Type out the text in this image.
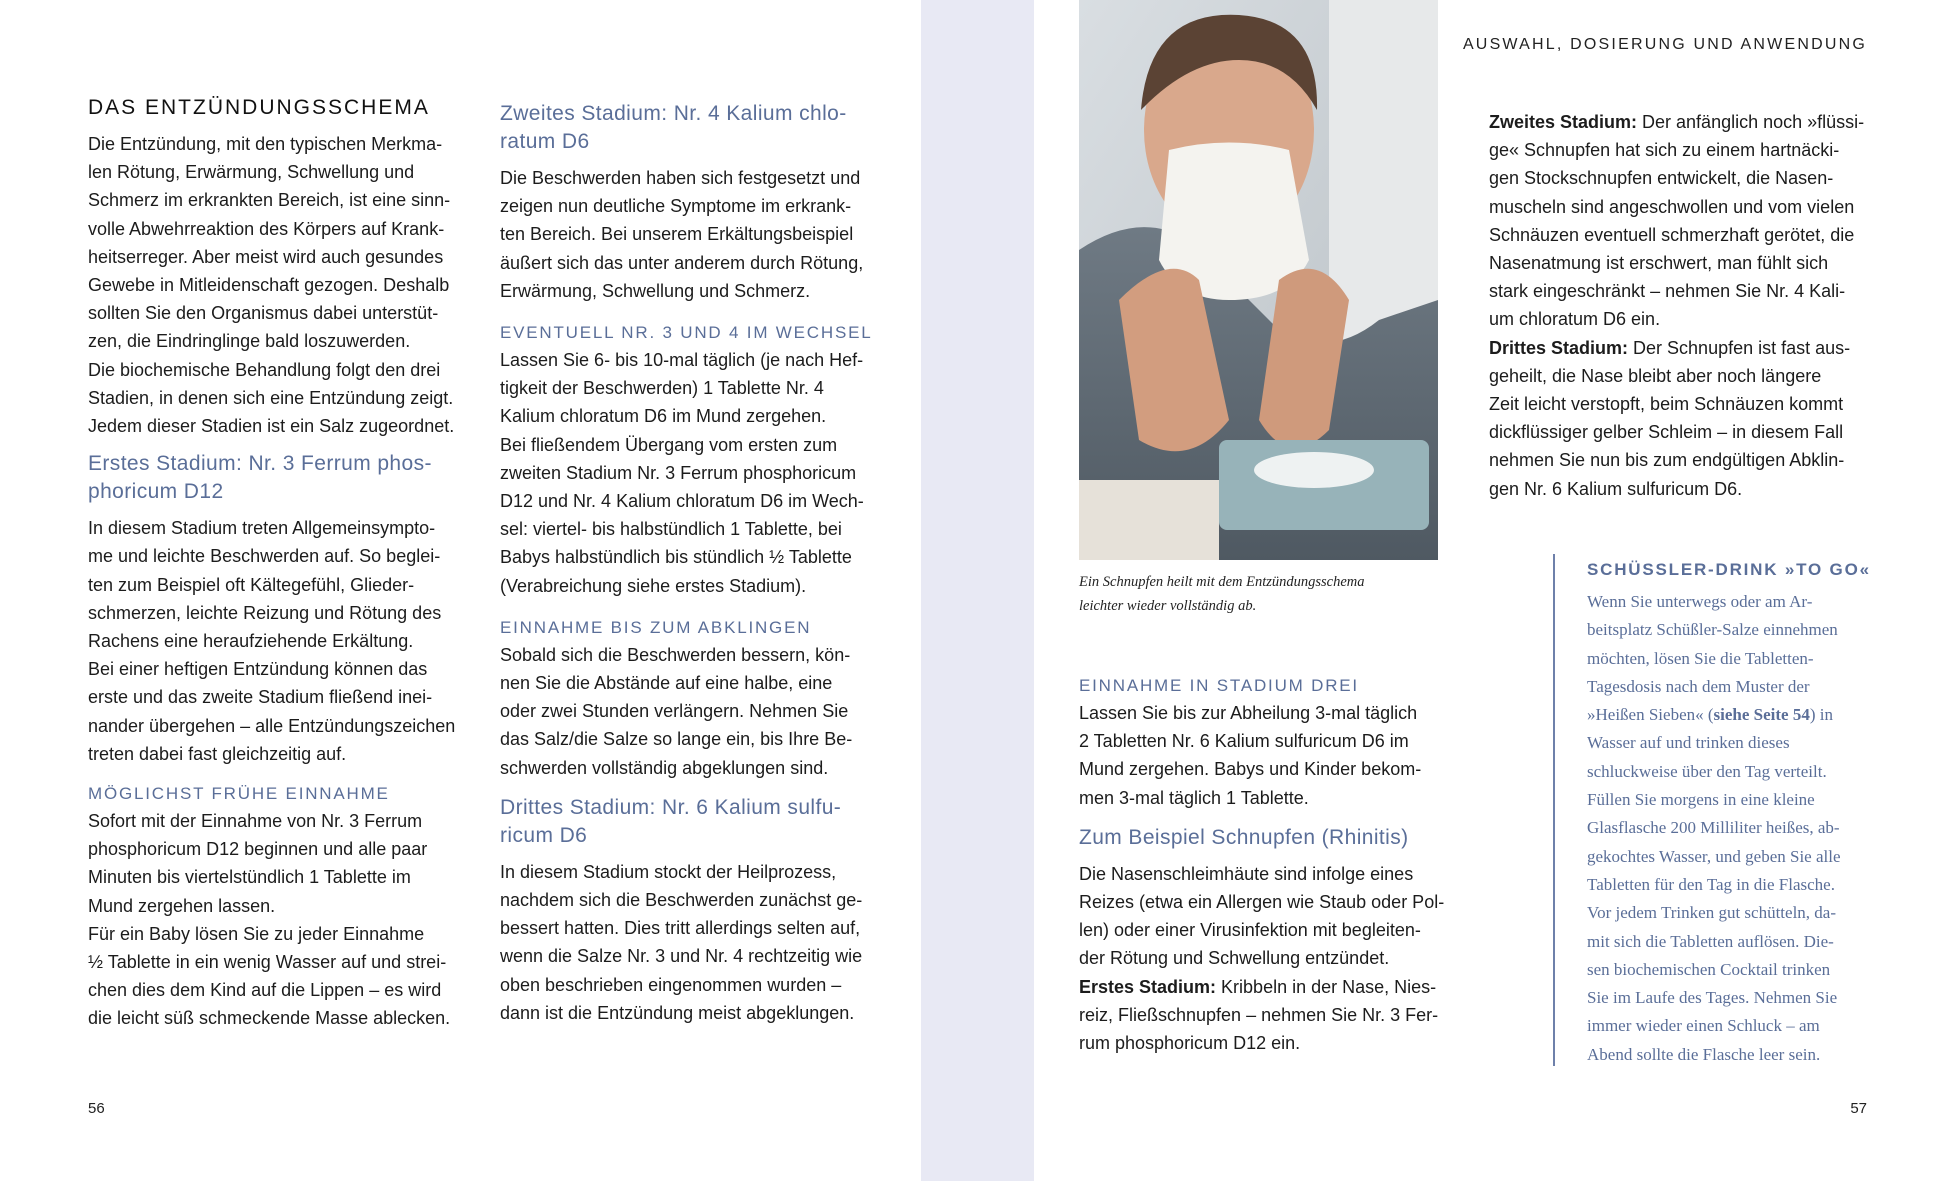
DAS ENTZÜNDUNGSSCHEMA

Die Entzündung, mit den typischen Merkma-
len Rötung, Erwärmung, Schwellung und
Schmerz im erkrankten Bereich, ist eine sinn-
volle Abwehrreaktion des Körpers auf Krank-
heitserreger. Aber meist wird auch gesundes
Gewebe in Mitleidenschaft gezogen. Deshalb
sollten Sie den Organismus dabei unterstüt-
zen, die Eindringlinge bald loszuwerden.
Die biochemische Behandlung folgt den drei
Stadien, in denen sich eine Entzündung zeigt.
Jedem dieser Stadien ist ein Salz zugeordnet.

Erstes Stadium: Nr. 3 Ferrum phos-
phoricum D12

In diesem Stadium treten Allgemeinsympto-
me und leichte Beschwerden auf. So beglei-
ten zum Beispiel oft Kältegefühl, Glieder-
schmerzen, leichte Reizung und Rötung des
Rachens eine heraufziehende Erkältung.
Bei einer heftigen Entzündung können das
erste und das zweite Stadium fließend inei-
nander übergehen – alle Entzündungszeichen
treten dabei fast gleichzeitig auf.

MÖGLICHST FRÜHE EINNAHME

Sofort mit der Einnahme von Nr. 3 Ferrum
phosphoricum D12 beginnen und alle paar
Minuten bis viertelstündlich 1 Tablette im
Mund zergehen lassen.
Für ein Baby lösen Sie zu jeder Einnahme
½ Tablette in ein wenig Wasser auf und strei-
chen dies dem Kind auf die Lippen – es wird
die leicht süß schmeckende Masse ablecken.

Zweites Stadium: Nr. 4 Kalium chlo-
ratum D6

Die Beschwerden haben sich festgesetzt und
zeigen nun deutliche Symptome im erkrank-
ten Bereich. Bei unserem Erkältungsbeispiel
äußert sich das unter anderem durch Rötung,
Erwärmung, Schwellung und Schmerz.

EVENTUELL NR. 3 UND 4 IM WECHSEL

Lassen Sie 6- bis 10-mal täglich (je nach Hef-
tigkeit der Beschwerden) 1 Tablette Nr. 4
Kalium chloratum D6 im Mund zergehen.
Bei fließendem Übergang vom ersten zum
zweiten Stadium Nr. 3 Ferrum phosphoricum
D12 und Nr. 4 Kalium chloratum D6 im Wech-
sel: viertel- bis halbstündlich 1 Tablette, bei
Babys halbstündlich bis stündlich ½ Tablette
(Verabreichung siehe erstes Stadium).

EINNAHME BIS ZUM ABKLINGEN

Sobald sich die Beschwerden bessern, kön-
nen Sie die Abstände auf eine halbe, eine
oder zwei Stunden verlängern. Nehmen Sie
das Salz/die Salze so lange ein, bis Ihre Be-
schwerden vollständig abgeklungen sind.

Drittes Stadium: Nr. 6 Kalium sulfu-
ricum D6

In diesem Stadium stockt der Heilprozess,
nachdem sich die Beschwerden zunächst ge-
bessert hatten. Dies tritt allerdings selten auf,
wenn die Salze Nr. 3 und Nr. 4 rechtzeitig wie
oben beschrieben eingenommen wurden –
dann ist die Entzündung meist abgeklungen.

56
AUSWAHL, DOSIERUNG UND ANWENDUNG
Ein Schnupfen heilt mit dem Entzündungsschema
leichter wieder vollständig ab.
EINNAHME IN STADIUM DREI

Lassen Sie bis zur Abheilung 3-mal täglich
2 Tabletten Nr. 6 Kalium sulfuricum D6 im
Mund zergehen. Babys und Kinder bekom-
men 3-mal täglich 1 Tablette.

Zum Beispiel Schnupfen (Rhinitis)

Die Nasenschleimhäute sind infolge eines
Reizes (etwa ein Allergen wie Staub oder Pol-
len) oder einer Virusinfektion mit begleiten-
der Rötung und Schwellung entzündet.

Erstes Stadium: Kribbeln in der Nase, Nies-
reiz, Fließschnupfen – nehmen Sie Nr. 3 Fer-
rum phosphoricum D12 ein.

Zweites Stadium: Der anfänglich noch »flüssi-
ge« Schnupfen hat sich zu einem hartnäcki-
gen Stockschnupfen entwickelt, die Nasen-
muscheln sind angeschwollen und vom vielen
Schnäuzen eventuell schmerzhaft gerötet, die
Nasenatmung ist erschwert, man fühlt sich
stark eingeschränkt – nehmen Sie Nr. 4 Kali-
um chloratum D6 ein.

Drittes Stadium: Der Schnupfen ist fast aus-
geheilt, die Nase bleibt aber noch längere
Zeit leicht verstopft, beim Schnäuzen kommt
dickflüssiger gelber Schleim – in diesem Fall
nehmen Sie nun bis zum endgültigen Abklin-
gen Nr. 6 Kalium sulfuricum D6.

SCHÜSSLER-DRINK »TO GO«
Wenn Sie unterwegs oder am Ar-
beitsplatz Schüßler-Salze einnehmen
möchten, lösen Sie die Tabletten-
Tagesdosis nach dem Muster der
»Heißen Sieben« (siehe Seite 54) in
Wasser auf und trinken dieses
schluckweise über den Tag verteilt.
Füllen Sie morgens in eine kleine
Glasflasche 200 Milliliter heißes, ab-
gekochtes Wasser, und geben Sie alle
Tabletten für den Tag in die Flasche.
Vor jedem Trinken gut schütteln, da-
mit sich die Tabletten auflösen. Die-
sen biochemischen Cocktail trinken
Sie im Laufe des Tages. Nehmen Sie
immer wieder einen Schluck – am
Abend sollte die Flasche leer sein.
57
